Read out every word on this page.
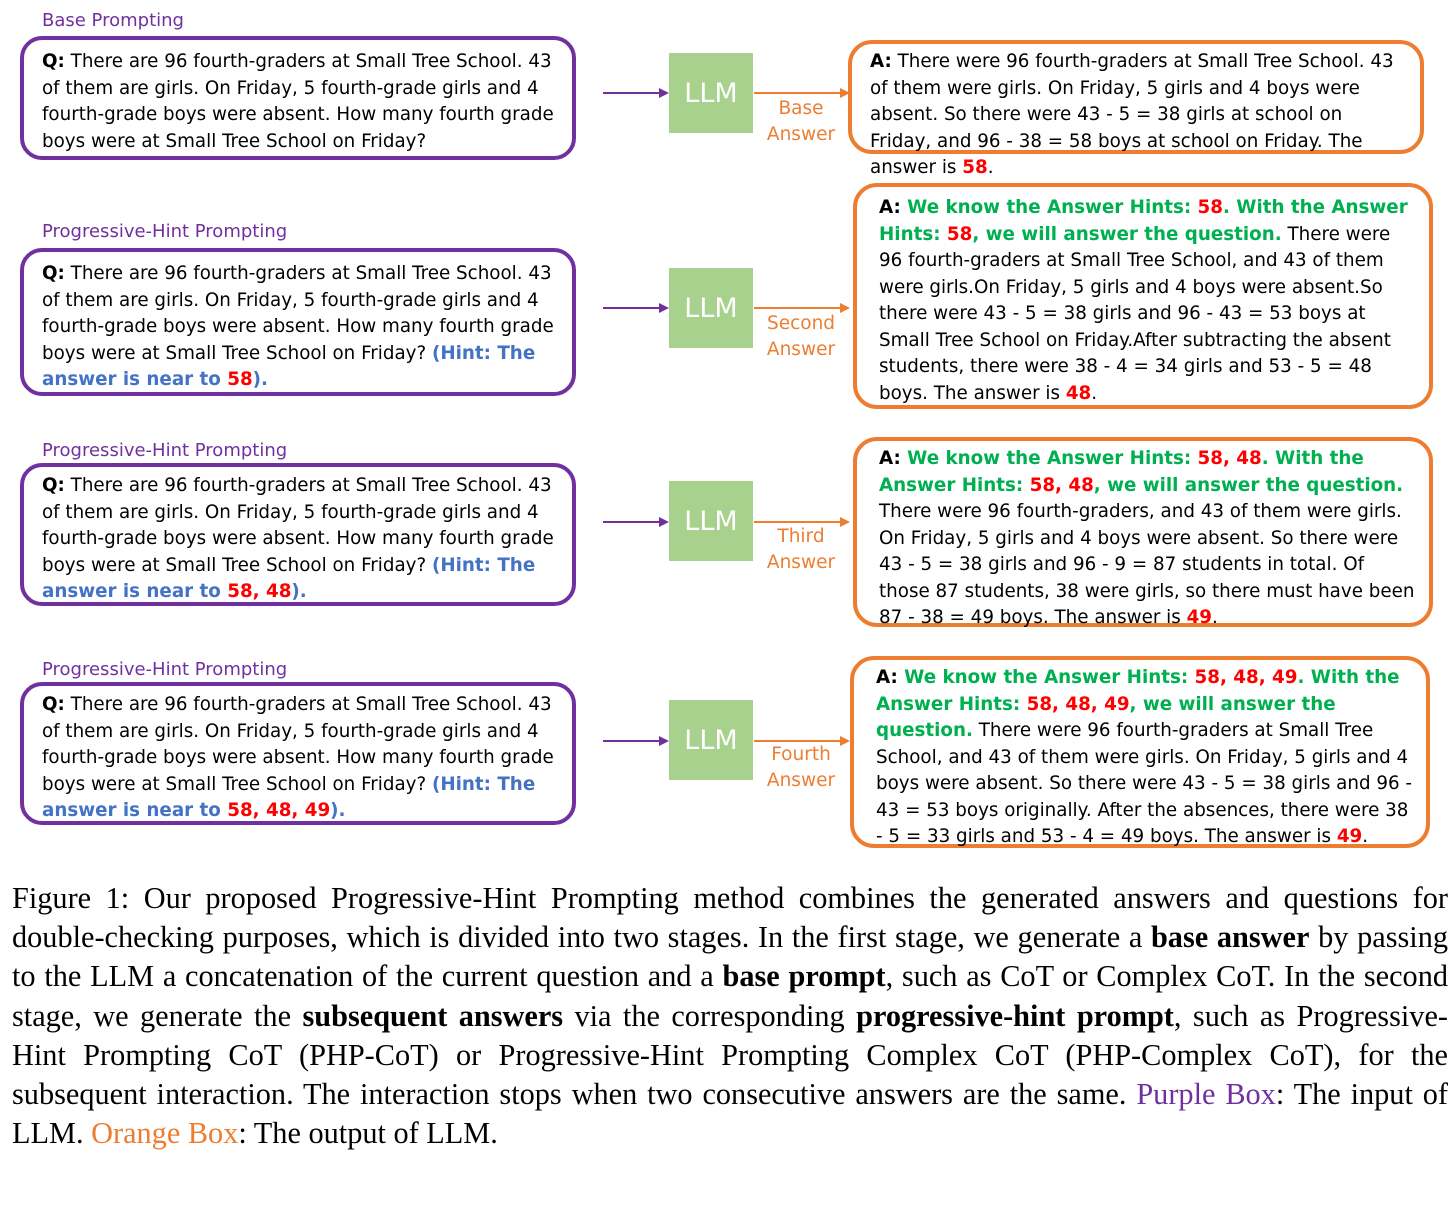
Base Prompting
Q: There are 96 fourth-graders at Small Tree School. 43 of them are girls. On Friday, 5 fourth-grade girls and 4 fourth-grade boys were absent. How many fourth grade boys were at Small Tree School on Friday?
LLM	Base
Answer
A: There were 96 fourth-graders at Small Tree School. 43 of them were girls. On Friday, 5 girls and 4 boys were absent. So there were 43 - 5 = 38 girls at school on Friday, and 96 - 38 = 58 boys at school on Friday. The answer is 58.
Progressive-Hint Prompting
Q: There are 96 fourth-graders at Small Tree School. 43 of them are girls. On Friday, 5 fourth-grade girls and 4 fourth-grade boys were absent. How many fourth grade boys were at Small Tree School on Friday? (Hint: The answer is near to 58).
LLM	Second
Answer
A: We know the Answer Hints: 58. With the Answer Hints: 58, we will answer the question. There were 96 fourth-graders at Small Tree School, and 43 of them were girls.On Friday, 5 girls and 4 boys were absent.So there were 43 - 5 = 38 girls and 96 - 43 = 53 boys at Small Tree School on Friday.After subtracting the absent students, there were 38 - 4 = 34 girls and 53 - 5 = 48 boys. The answer is 48.
Progressive-Hint Prompting
Q: There are 96 fourth-graders at Small Tree School. 43 of them are girls. On Friday, 5 fourth-grade girls and 4 fourth-grade boys were absent. How many fourth grade boys were at Small Tree School on Friday? (Hint: The answer is near to 58, 48).
LLM	Third
Answer
A: We know the Answer Hints: 58, 48. With the Answer Hints: 58, 48, we will answer the question. There were 96 fourth-graders, and 43 of them were girls. On Friday, 5 girls and 4 boys were absent. So there were 43 - 5 = 38 girls and 96 - 9 = 87 students in total. Of those 87 students, 38 were girls, so there must have been 87 - 38 = 49 boys. The answer is 49.
Progressive-Hint Prompting
Q: There are 96 fourth-graders at Small Tree School. 43 of them are girls. On Friday, 5 fourth-grade girls and 4 fourth-grade boys were absent. How many fourth grade boys were at Small Tree School on Friday? (Hint: The answer is near to 58, 48, 49).
LLM	Fourth
Answer
A: We know the Answer Hints: 58, 48, 49. With the Answer Hints: 58, 48, 49, we will answer the question. There were 96 fourth-graders at Small Tree School, and 43 of them were girls. On Friday, 5 girls and 4 boys were absent. So there were 43 - 5 = 38 girls and 96 - 43 = 53 boys originally. After the absences, there were 38 - 5 = 33 girls and 53 - 4 = 49 boys. The answer is 49.
Figure 1: Our proposed Progressive-Hint Prompting method combines the generated answers and questions for double-checking purposes, which is divided into two stages. In the first stage, we generate a base answer by passing to the LLM a concatenation of the current question and a base prompt, such as CoT or Complex CoT. In the second stage, we generate the subsequent answers via the corresponding progressive-hint prompt, such as Progressive-Hint Prompting CoT (PHP-CoT) or Progressive-Hint Prompting Complex CoT (PHP-Complex CoT), for the subsequent interaction. The interaction stops when two consecutive answers are the same. Purple Box: The input of LLM. Orange Box: The output of LLM.
